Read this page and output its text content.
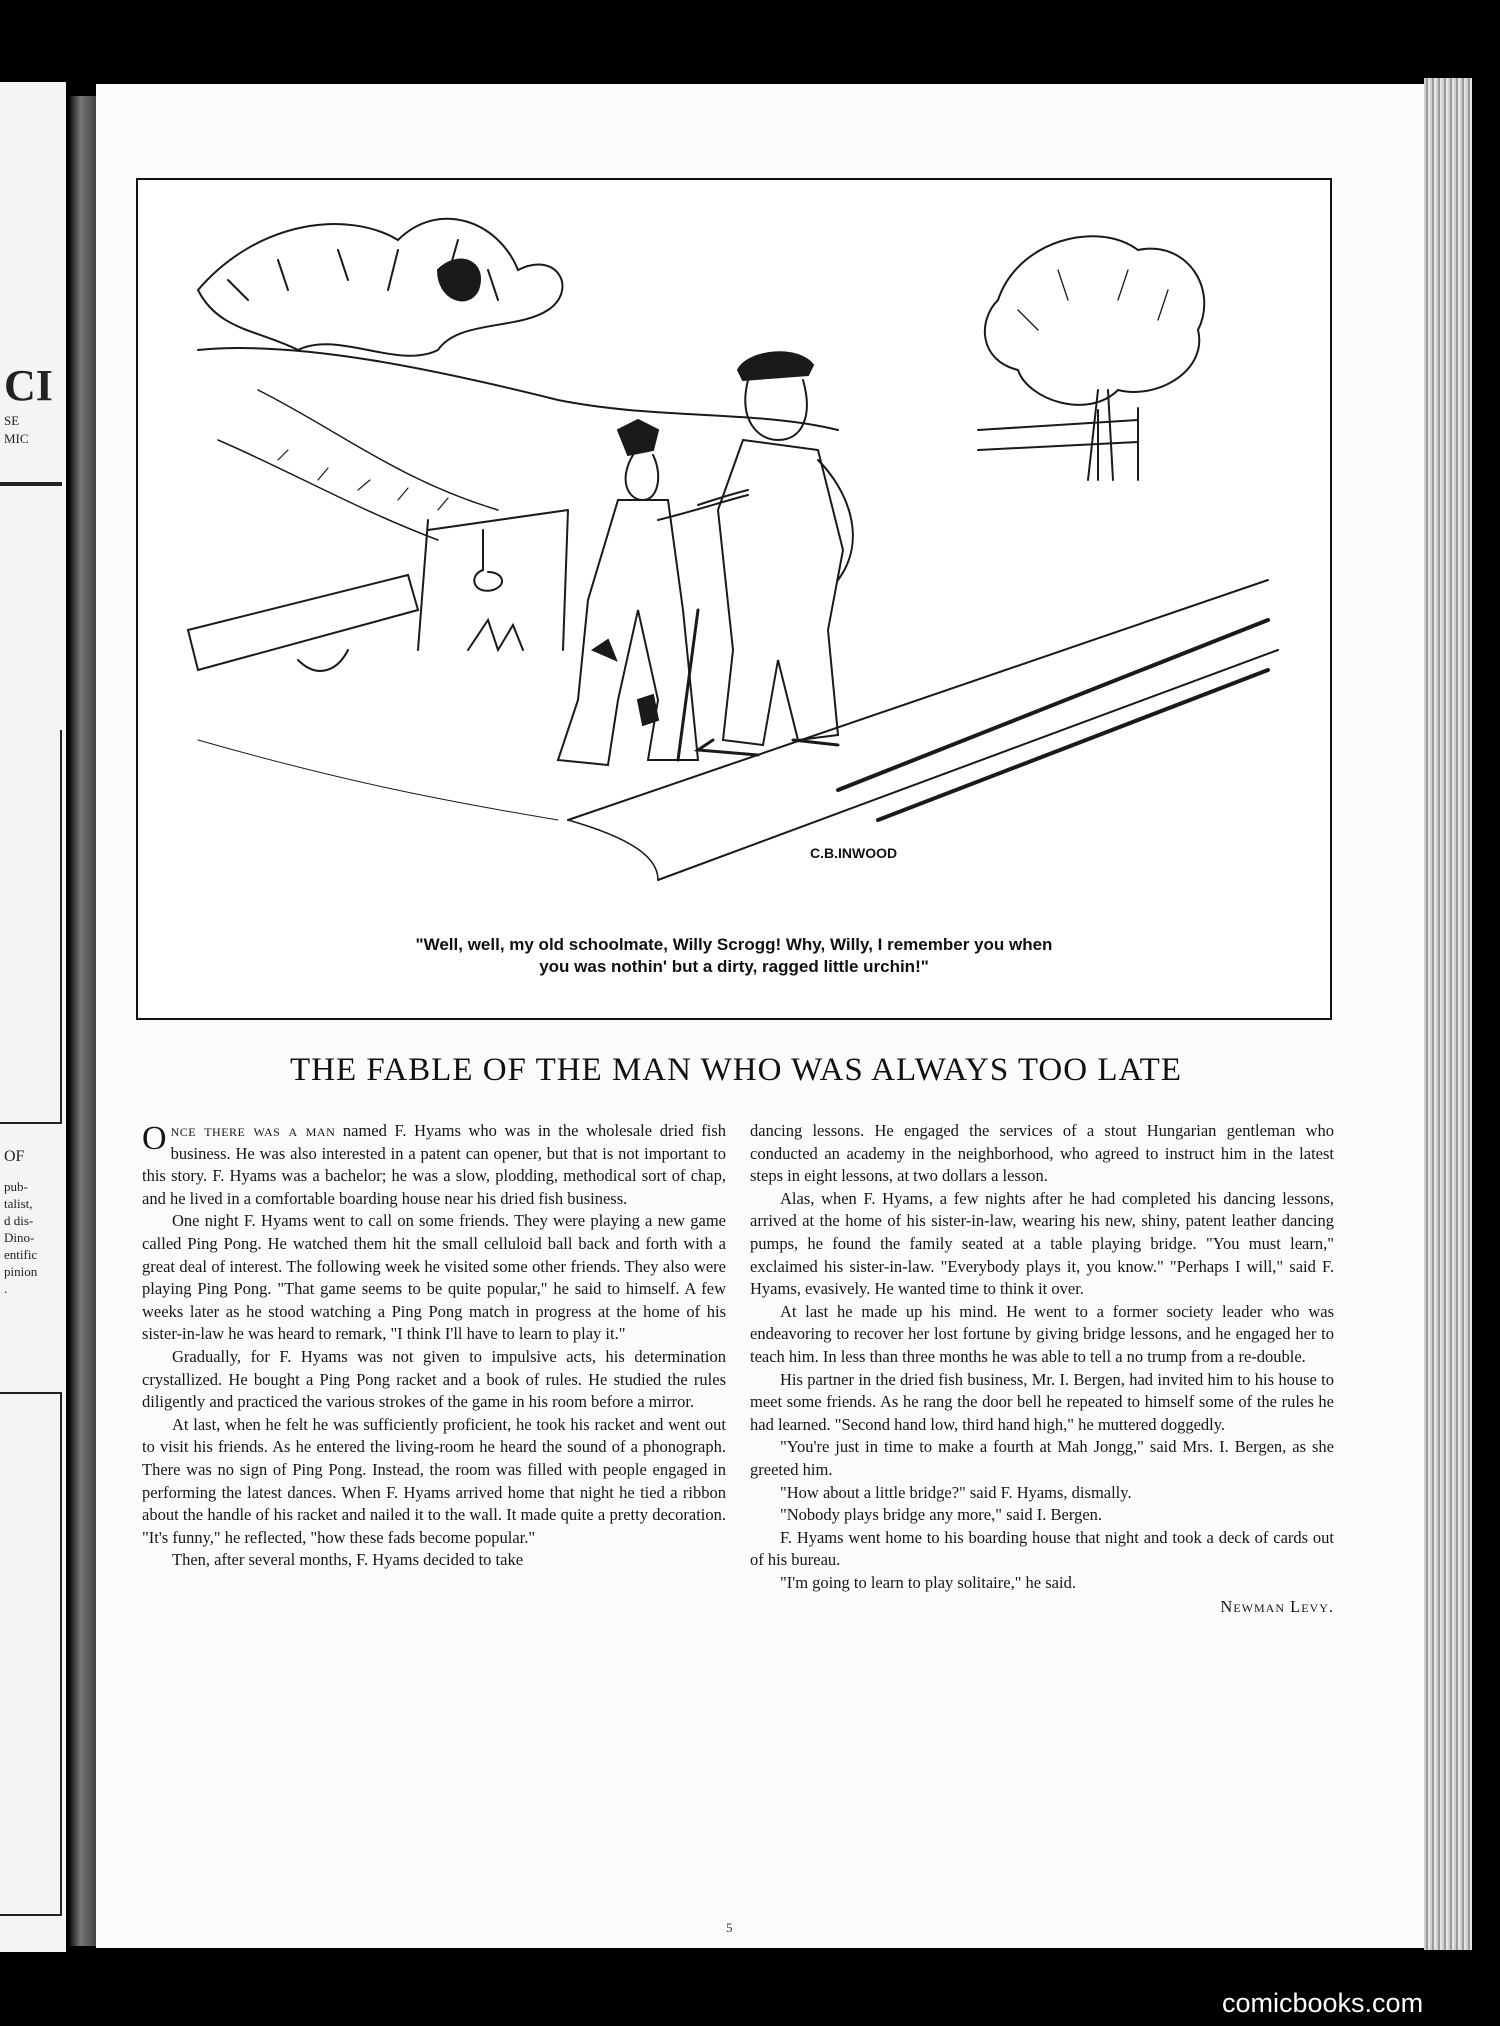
CI
SE
MIC
OF
pub-
talist,
d dis-
Dino-
entific
pinion
.
C.B.INWOOD
"Well, well, my old schoolmate, Willy Scrogg! Why, Willy, I remember you when
you was nothin' but a dirty, ragged little urchin!"
THE FABLE OF THE MAN WHO WAS ALWAYS TOO LATE

Once there was a man named F. Hyams who was in the wholesale dried fish business. He was also interested in a patent can opener, but that is not important to this story. F. Hyams was a bachelor; he was a slow, plodding, methodical sort of chap, and he lived in a comfortable boarding house near his dried fish business.

One night F. Hyams went to call on some friends. They were playing a new game called Ping Pong. He watched them hit the small celluloid ball back and forth with a great deal of interest. The following week he visited some other friends. They also were playing Ping Pong. "That game seems to be quite popular," he said to himself. A few weeks later as he stood watching a Ping Pong match in progress at the home of his sister-in-law he was heard to remark, "I think I'll have to learn to play it."

Gradually, for F. Hyams was not given to impulsive acts, his determination crystallized. He bought a Ping Pong racket and a book of rules. He studied the rules diligently and practiced the various strokes of the game in his room before a mirror.

At last, when he felt he was sufficiently proficient, he took his racket and went out to visit his friends. As he entered the living-room he heard the sound of a phonograph. There was no sign of Ping Pong. Instead, the room was filled with people engaged in performing the latest dances. When F. Hyams arrived home that night he tied a ribbon about the handle of his racket and nailed it to the wall. It made quite a pretty decoration. "It's funny," he reflected, "how these fads become popular."

Then, after several months, F. Hyams decided to take

dancing lessons. He engaged the services of a stout Hungarian gentleman who conducted an academy in the neighborhood, who agreed to instruct him in the latest steps in eight lessons, at two dollars a lesson.

Alas, when F. Hyams, a few nights after he had completed his dancing lessons, arrived at the home of his sister-in-law, wearing his new, shiny, patent leather dancing pumps, he found the family seated at a table playing bridge. "You must learn," exclaimed his sister-in-law. "Everybody plays it, you know." "Perhaps I will," said F. Hyams, evasively. He wanted time to think it over.

At last he made up his mind. He went to a former society leader who was endeavoring to recover her lost fortune by giving bridge lessons, and he engaged her to teach him. In less than three months he was able to tell a no trump from a re-double.

His partner in the dried fish business, Mr. I. Bergen, had invited him to his house to meet some friends. As he rang the door bell he repeated to himself some of the rules he had learned. "Second hand low, third hand high," he muttered doggedly.

"You're just in time to make a fourth at Mah Jongg," said Mrs. I. Bergen, as she greeted him.

"How about a little bridge?" said F. Hyams, dismally.

"Nobody plays bridge any more," said I. Bergen.

F. Hyams went home to his boarding house that night and took a deck of cards out of his bureau.

"I'm going to learn to play solitaire," he said.

Newman Levy.
5
comicbooks.com
